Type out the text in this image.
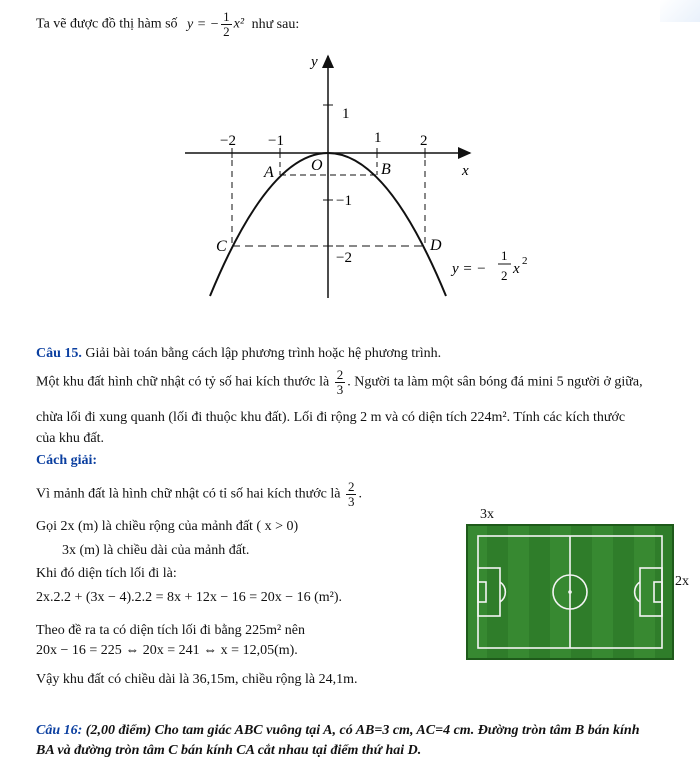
Ta vẽ được đồ thị hàm số y = − $\frac{1}{2} x^2$ như sau:
y
x
O
−2 −1	1	2
1
−1
−2
A	B
C	D
y = −
1
2 x 2
Câu 15. Giải bài toán bằng cách lập phương trình hoặc hệ phương trình.
Một khu đất hình chữ nhật có tỷ số hai kích thước là $\frac{2}{3}$ . Người ta làm một sân bóng đá mini 5 người ở giữa,
chừa lối đi xung quanh (lối đi thuộc khu đất). Lối đi rộng 2 m và có diện tích 224m². Tính các kích thước
của khu đất.
Cách giải:
Vì mảnh đất là hình chữ nhật có tỉ số hai kích thước là $\frac{2}{3}$ .
Gọi 2x (m) là chiều rộng của mảnh đất ( x > 0)
3x (m) là chiều dài của mảnh đất.
Khi đó diện tích lối đi là:
2x.2.2 + (3x − 4).2.2 = 8x + 12x − 16 = 20x − 16 (m²).
Theo đề ra ta có diện tích lối đi bằng 225m² nên
20x − 16 = 225 ⇔ 20x = 241 ⇔ x = 12,05(m).
Vậy khu đất có chiều dài là 36,15m, chiều rộng là 24,1m.
3x
2x
Câu 16: (2,00 điểm) Cho tam giác ABC vuông tại A, có AB=3 cm, AC=4 cm. Đường tròn tâm B bán kính
BA và đường tròn tâm C bán kính CA cắt nhau tại điểm thứ hai D.
